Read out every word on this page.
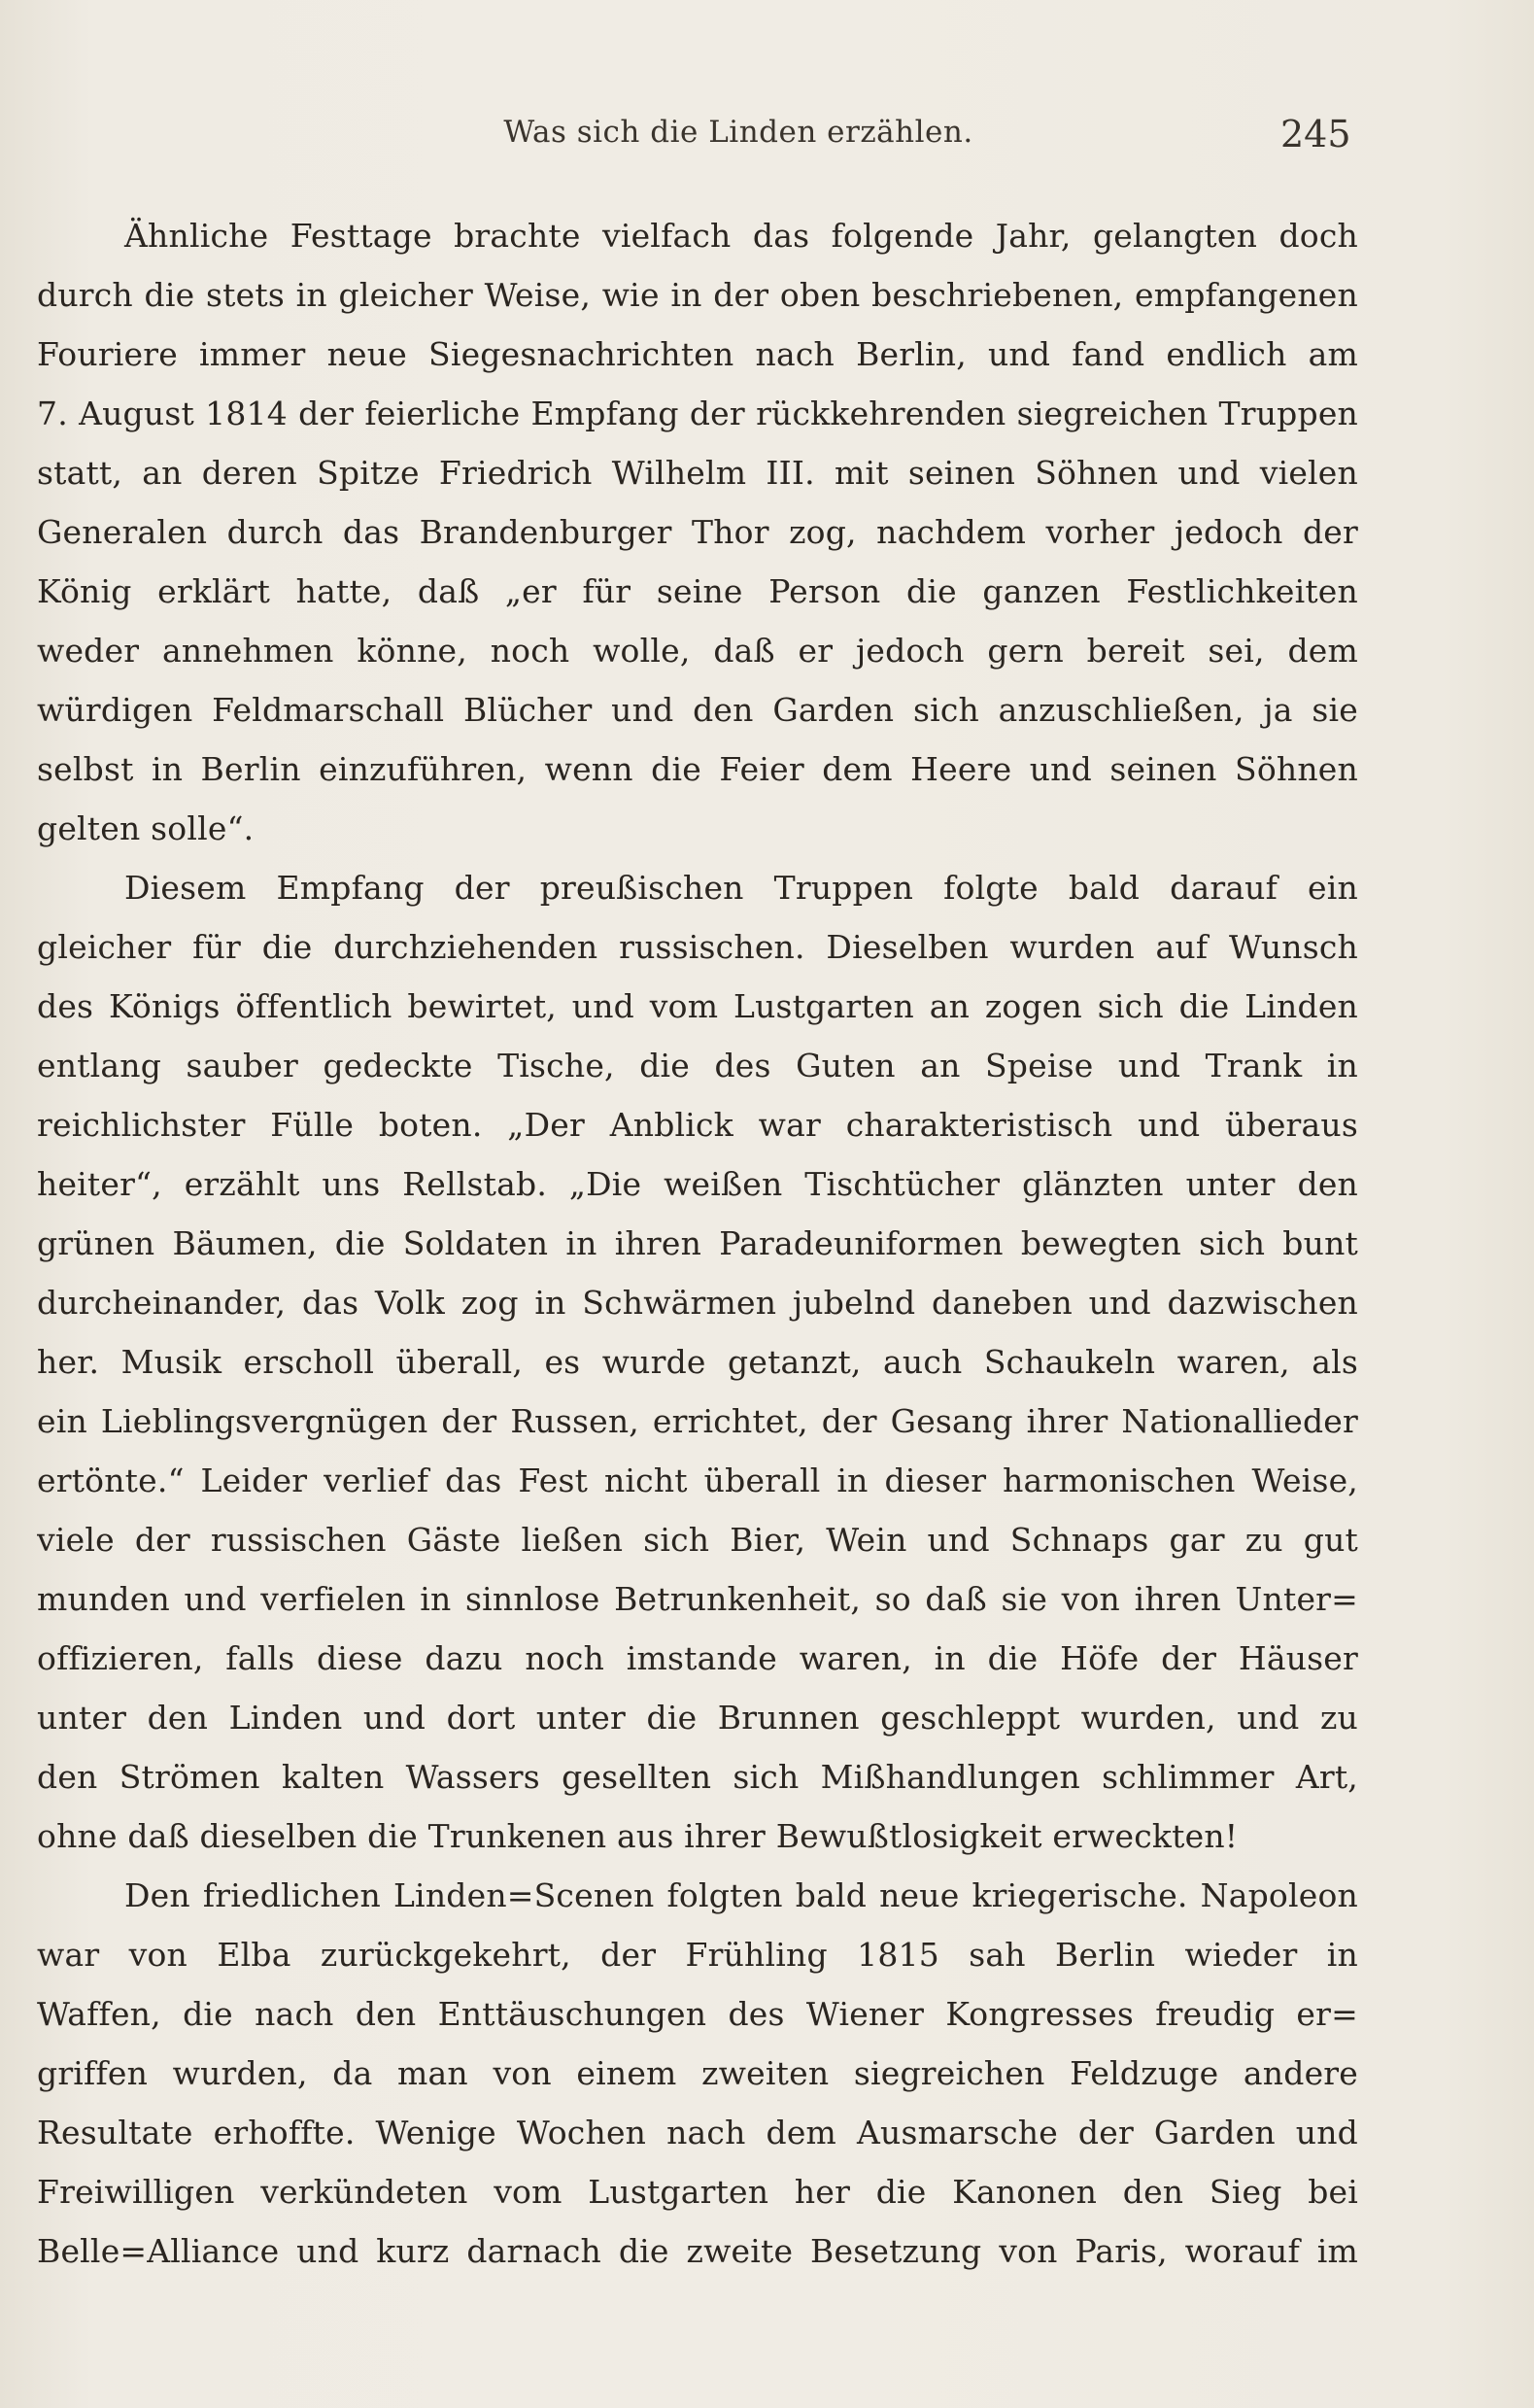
Was sich die Linden erzählen.	245
Ähnliche Festtage brachte vielfach das folgende Jahr, gelangten doch
durch die stets in gleicher Weise, wie in der oben beschriebenen, empfangenen
Fouriere immer neue Siegesnachrichten nach Berlin, und fand endlich am
7. August 1814 der feierliche Empfang der rückkehrenden siegreichen Truppen
statt, an deren Spitze Friedrich Wilhelm III. mit seinen Söhnen und vielen
Generalen durch das Brandenburger Thor zog, nachdem vorher jedoch der
König erklärt hatte, daß „er für seine Person die ganzen Festlichkeiten
weder annehmen könne, noch wolle, daß er jedoch gern bereit sei, dem
würdigen Feldmarschall Blücher und den Garden sich anzuschließen, ja sie
selbst in Berlin einzuführen, wenn die Feier dem Heere und seinen Söhnen
gelten solle“.
Diesem Empfang der preußischen Truppen folgte bald darauf ein
gleicher für die durchziehenden russischen. Dieselben wurden auf Wunsch
des Königs öffentlich bewirtet, und vom Lustgarten an zogen sich die Linden
entlang sauber gedeckte Tische, die des Guten an Speise und Trank in
reichlichster Fülle boten. „Der Anblick war charakteristisch und überaus
heiter“, erzählt uns Rellstab. „Die weißen Tischtücher glänzten unter den
grünen Bäumen, die Soldaten in ihren Paradeuniformen bewegten sich bunt
durcheinander, das Volk zog in Schwärmen jubelnd daneben und dazwischen
her. Musik erscholl überall, es wurde getanzt, auch Schaukeln waren, als
ein Lieblingsvergnügen der Russen, errichtet, der Gesang ihrer Nationallieder
ertönte.“ Leider verlief das Fest nicht überall in dieser harmonischen Weise,
viele der russischen Gäste ließen sich Bier, Wein und Schnaps gar zu gut
munden und verfielen in sinnlose Betrunkenheit, so daß sie von ihren Unter=
offizieren, falls diese dazu noch imstande waren, in die Höfe der Häuser
unter den Linden und dort unter die Brunnen geschleppt wurden, und zu
den Strömen kalten Wassers gesellten sich Mißhandlungen schlimmer Art,
ohne daß dieselben die Trunkenen aus ihrer Bewußtlosigkeit erweckten!
Den friedlichen Linden=Scenen folgten bald neue kriegerische. Napoleon
war von Elba zurückgekehrt, der Frühling 1815 sah Berlin wieder in
Waffen, die nach den Enttäuschungen des Wiener Kongresses freudig er=
griffen wurden, da man von einem zweiten siegreichen Feldzuge andere
Resultate erhoffte. Wenige Wochen nach dem Ausmarsche der Garden und
Freiwilligen verkündeten vom Lustgarten her die Kanonen den Sieg bei
Belle=Alliance und kurz darnach die zweite Besetzung von Paris, worauf im
